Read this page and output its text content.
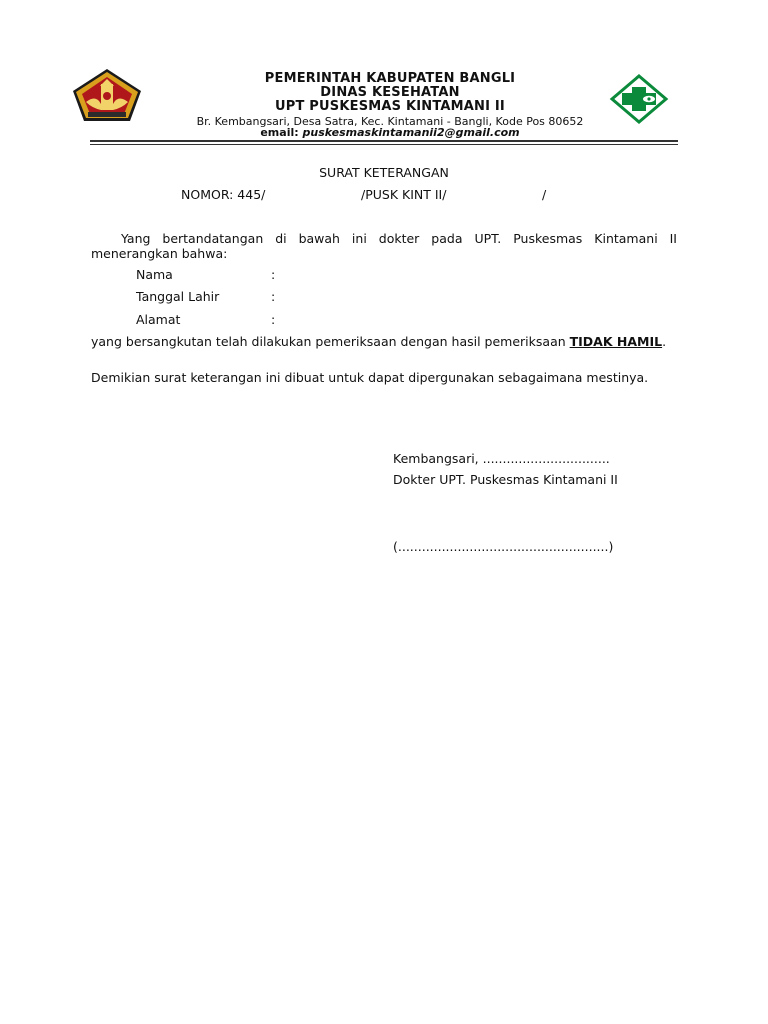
PEMERINTAH KABUPATEN BANGLI
DINAS KESEHATAN
UPT PUSKESMAS KINTAMANI II
Br. Kembangsari, Desa Satra, Kec. Kintamani - Bangli, Kode Pos 80652
email: puskesmaskintamanii2@gmail.com
SURAT KETERANGAN
NOMOR: 445/	/PUSK KINT II/	/
Yang bertandatangan di bawah ini dokter pada UPT. Puskesmas Kintamani II menerangkan bahwa:
Nama	:
Tanggal Lahir	:
Alamat	:
yang bersangkutan telah dilakukan pemeriksaan dengan hasil pemeriksaan TIDAK HAMIL.
Demikian surat keterangan ini dibuat untuk dapat dipergunakan sebagaimana mestinya.
Kembangsari, ................................
Dokter UPT. Puskesmas Kintamani II
(.....................................................)
